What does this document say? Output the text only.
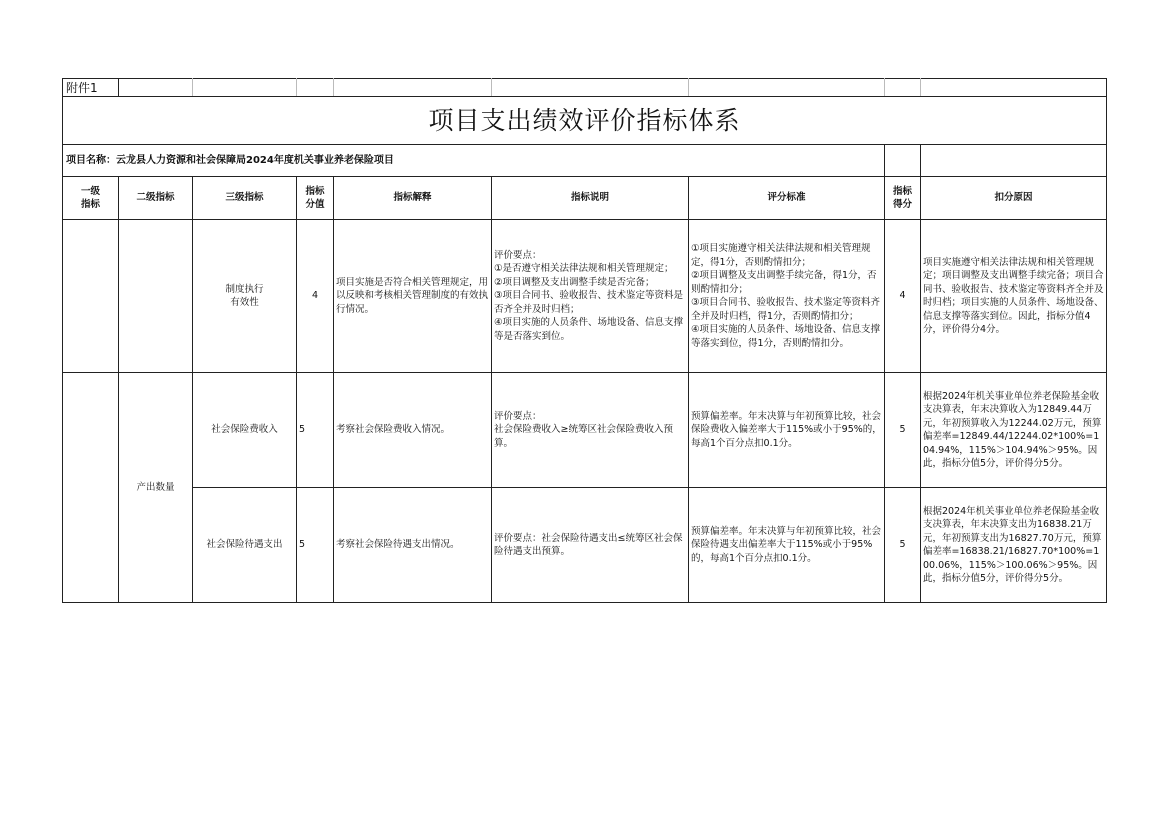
附件1								
项目支出绩效评价指标体系								
项目名称：云龙县人力资源和社会保障局2024年度机关事业养老保险项目								

一级指标	二级指标	三级指标	指标分值	指标解释	指标说明	评分标准	指标得分	扣分原因

		制度执行有效性	4	项目实施是否符合相关管理规定，用以反映和考核相关管理制度的有效执行情况。	评价要点：
①是否遵守相关法律法规和相关管理规定；
②项目调整及支出调整手续是否完备；
③项目合同书、验收报告、技术鉴定等资料是否齐全并及时归档；
④项目实施的人员条件、场地设备、信息支撑等是否落实到位。	①项目实施遵守相关法律法规和相关管理规定，得1分，否则酌情扣分；
②项目调整及支出调整手续完备，得1分，否则酌情扣分；
③项目合同书、验收报告、技术鉴定等资料齐全并及时归档，得1分，否则酌情扣分；
④项目实施的人员条件、场地设备、信息支撑等落实到位，得1分，否则酌情扣分。	4	项目实施遵守相关法律法规和相关管理规定；项目调整及支出调整手续完备；项目合同书、验收报告、技术鉴定等资料齐全并及时归档；项目实施的人员条件、场地设备、信息支撑等落实到位。因此，指标分值4分，评价得分4分。
	产出数量	社会保险费收入	5	考察社会保险费收入情况。	评价要点：
社会保险费收入≥统筹区社会保险费收入预算。	预算偏差率。年末决算与年初预算比较，社会保险费收入偏差率大于115%或小于95%的，每高1个百分点扣0.1分。	5	根据2024年机关事业单位养老保险基金收支决算表，年末决算收入为12849.44万元，年初预算收入为12244.02万元，预算偏差率=12849.44/12244.02*100%=104.94%，115%＞104.94%＞95%。因此，指标分值5分，评价得分5分。
		社会保险待遇支出	5	考察社会保险待遇支出情况。	评价要点：社会保险待遇支出≤统筹区社会保险待遇支出预算。	预算偏差率。年末决算与年初预算比较，社会保险待遇支出偏差率大于115%或小于95%的，每高1个百分点扣0.1分。	5	根据2024年机关事业单位养老保险基金收支决算表，年末决算支出为16838.21万元，年初预算支出为16827.70万元，预算偏差率=16838.21/16827.70*100%=100.06%，115%＞100.06%＞95%。因此，指标分值5分，评价得分5分。
